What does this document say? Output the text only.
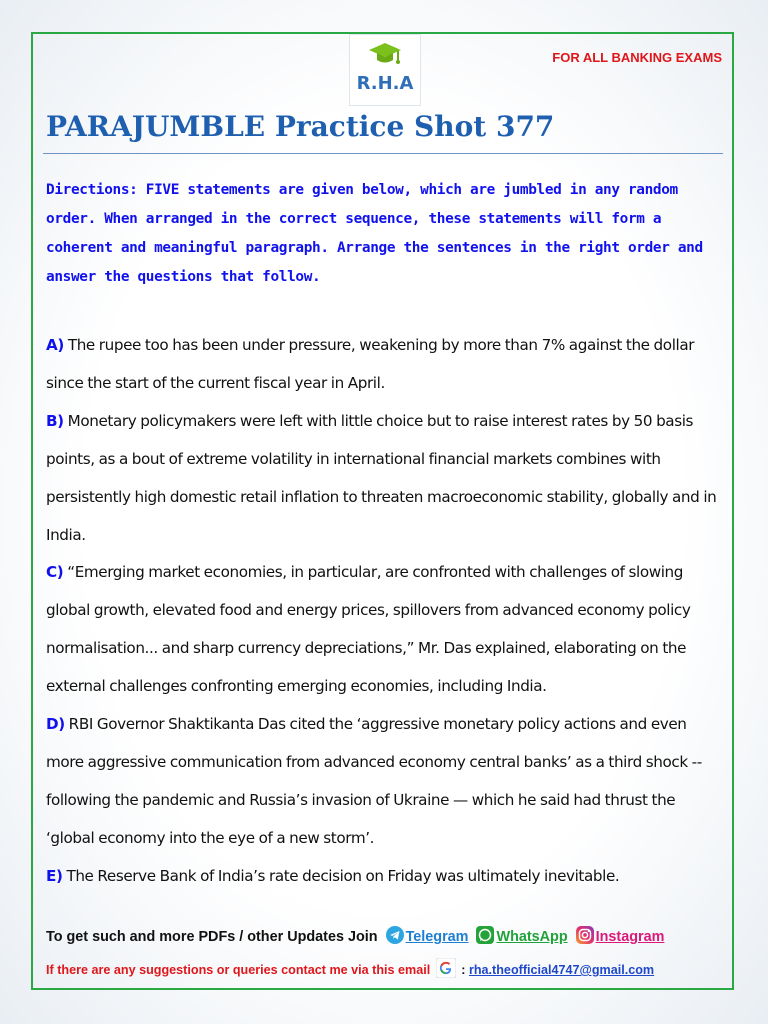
R.H.A
FOR ALL BANKING EXAMS
PARAJUMBLE Practice Shot 377

Directions: FIVE statements are given below, which are jumbled in any random order. When arranged in the correct sequence, these statements will form a coherent and meaningful paragraph. Arrange the sentences in the right order and answer the questions that follow.

A) The rupee too has been under pressure, weakening by more than 7% against the dollar since the start of the current fiscal year in April.

B) Monetary policymakers were left with little choice but to raise interest rates by 50 basis points, as a bout of extreme volatility in international financial markets combines with persistently high domestic retail inflation to threaten macroeconomic stability, globally and in India.

C) “Emerging market economies, in particular, are confronted with challenges of slowing global growth, elevated food and energy prices, spillovers from advanced economy policy normalisation... and sharp currency depreciations,” Mr. Das explained, elaborating on the external challenges confronting emerging economies, including India.

D) RBI Governor Shaktikanta Das cited the ‘aggressive monetary policy actions and even more aggressive communication from advanced economy central banks’ as a third shock -- following the pandemic and Russia’s invasion of Ukraine — which he said had thrust the ‘global economy into the eye of a new storm’.

E) The Reserve Bank of India’s rate decision on Friday was ultimately inevitable.

To get such and more PDFs / other Updates Join Telegram WhatsApp Instagram
If there are any suggestions or queries contact me via this email : rha.theofficial4747@gmail.com
